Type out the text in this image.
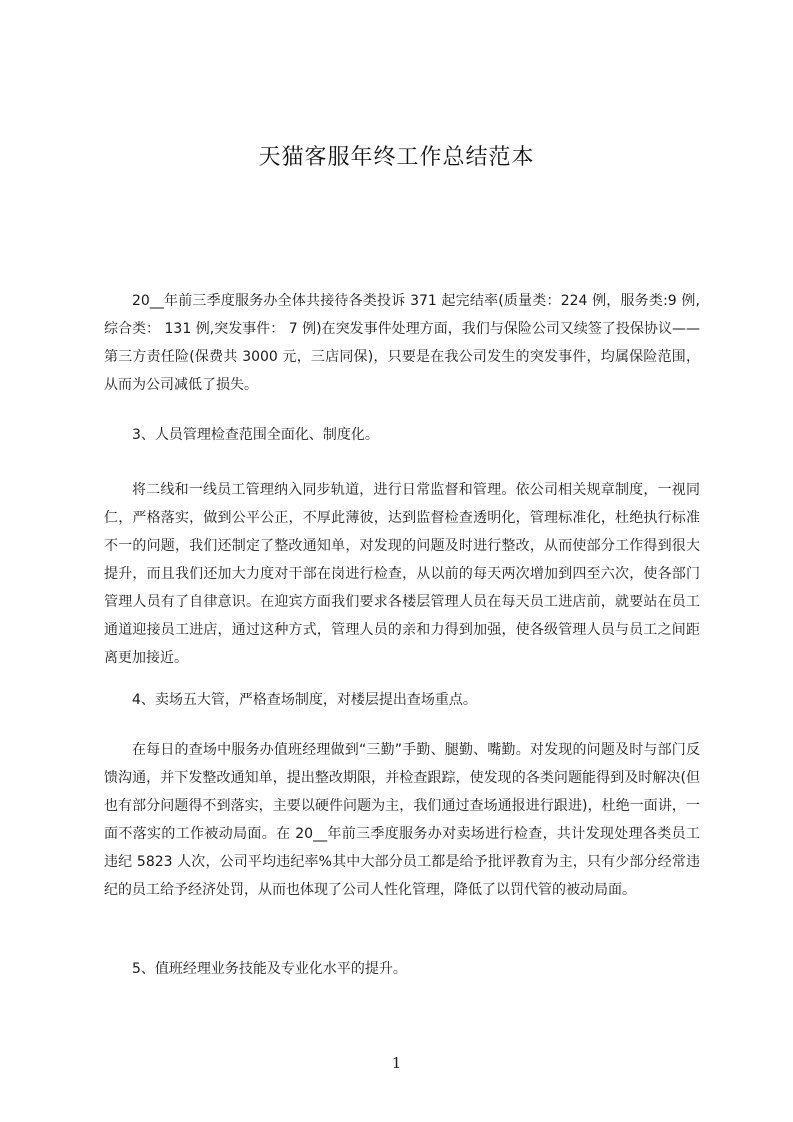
天猫客服年终工作总结范本

20__年前三季度服务办全体共接待各类投诉 371 起完结率(质量类：224 例，服务类:9 例,综合类： 131 例,突发事件： 7 例)在突发事件处理方面，我们与保险公司又续签了投保协议——第三方责任险(保费共 3000 元，三店同保)，只要是在我公司发生的突发事件，均属保险范围，从而为公司减低了损失。

3、人员管理检查范围全面化、制度化。

将二线和一线员工管理纳入同步轨道，进行日常监督和管理。依公司相关规章制度，一视同仁，严格落实，做到公平公正，不厚此薄彼，达到监督检查透明化，管理标准化，杜绝执行标准不一的问题，我们还制定了整改通知单，对发现的问题及时进行整改，从而使部分工作得到很大提升，而且我们还加大力度对干部在岗进行检查，从以前的每天两次增加到四至六次，使各部门管理人员有了自律意识。在迎宾方面我们要求各楼层管理人员在每天员工进店前，就要站在员工通道迎接员工进店，通过这种方式，管理人员的亲和力得到加强，使各级管理人员与员工之间距离更加接近。

4、卖场五大管，严格查场制度，对楼层提出查场重点。

在每日的查场中服务办值班经理做到“三勤”手勤、腿勤、嘴勤。对发现的问题及时与部门反馈沟通，并下发整改通知单，提出整改期限，并检查跟踪，使发现的各类问题能得到及时解决(但也有部分问题得不到落实，主要以硬件问题为主，我们通过查场通报进行跟进)，杜绝一面讲，一面不落实的工作被动局面。在 20__年前三季度服务办对卖场进行检查，共计发现处理各类员工违纪 5823 人次，公司平均违纪率%其中大部分员工都是给予批评教育为主，只有少部分经常违纪的员工给予经济处罚，从而也体现了公司人性化管理，降低了以罚代管的被动局面。

5、值班经理业务技能及专业化水平的提升。

1
